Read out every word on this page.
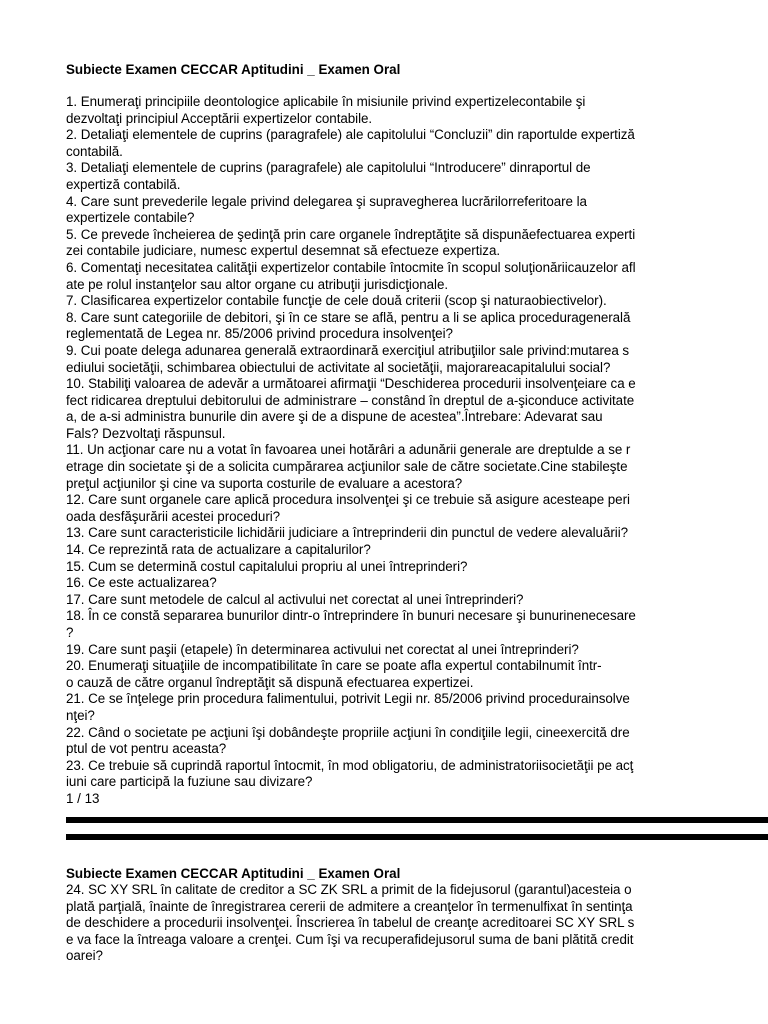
Subiecte Examen CECCAR Aptitudini _ Examen Oral

1. Enumeraţi principiile deontologice aplicabile în misiunile privind expertizelecontabile şi
dezvoltaţi principiul Acceptării expertizelor contabile.

2. Detaliaţi elementele de cuprins (paragrafele) ale capitolului “Concluzii” din raportulde expertiză
contabilă.

3. Detaliaţi elementele de cuprins (paragrafele) ale capitolului “Introducere” dinraportul de
expertiză contabilă.

4. Care sunt prevederile legale privind delegarea şi supravegherea lucrărilorreferitoare la
expertizele contabile?

5. Ce prevede încheierea de şedinţă prin care organele îndreptăţite să dispunăefectuarea experti
zei contabile judiciare, numesc expertul desemnat să efectueze expertiza.

6. Comentaţi necesitatea calităţii expertizelor contabile întocmite în scopul soluţionăriicauzelor afl
ate pe rolul instanţelor sau altor organe cu atribuţii jurisdicţionale.

7. Clasificarea expertizelor contabile funcţie de cele două criterii (scop şi naturaobiectivelor).

8. Care sunt categoriile de debitori, şi în ce stare se află, pentru a li se aplica proceduragenerală
reglementată de Legea nr. 85/2006 privind procedura insolvenţei?

9. Cui poate delega adunarea generală extraordinară exerciţiul atribuţiilor sale privind:mutarea s
ediului societăţii, schimbarea obiectului de activitate al societăţii, majorareacapitalului social?

10. Stabiliţi valoarea de adevăr a următoarei afirmaţii “Deschiderea procedurii insolvenţeiare ca e
fect ridicarea dreptului debitorului de administrare – constând în dreptul de a-şiconduce activitate
a, de a-si administra bunurile din avere şi de a dispune de acestea”.Întrebare: Adevarat sau
Fals? Dezvoltaţi răspunsul.

11. Un acţionar care nu a votat în favoarea unei hotărâri a adunării generale are dreptulde a se r
etrage din societate şi de a solicita cumpărarea acţiunilor sale de către societate.Cine stabileşte
preţul acţiunilor şi cine va suporta costurile de evaluare a acestora?

12. Care sunt organele care aplică procedura insolvenţei şi ce trebuie să asigure acesteape peri
oada desfăşurării acestei proceduri?

13. Care sunt caracteristicile lichidării judiciare a întreprinderii din punctul de vedere alevaluării?

14. Ce reprezintă rata de actualizare a capitalurilor?

15. Cum se determină costul capitalului propriu al unei întreprinderi?

16. Ce este actualizarea?

17. Care sunt metodele de calcul al activului net corectat al unei întreprinderi?

18. În ce constă separarea bunurilor dintr-o întreprindere în bunuri necesare şi bunurinenecesare
?

19. Care sunt paşii (etapele) în determinarea activului net corectat al unei întreprinderi?

20. Enumeraţi situaţiile de incompatibilitate în care se poate afla expertul contabilnumit într-
o cauză de către organul îndreptăţit să dispună efectuarea expertizei.

21. Ce se înţelege prin procedura falimentului, potrivit Legii nr. 85/2006 privind procedurainsolve
nţei?

22. Când o societate pe acţiuni îşi dobândeşte propriile acţiuni în condiţiile legii, cineexercită dre
ptul de vot pentru aceasta?

23. Ce trebuie să cuprindă raportul întocmit, în mod obligatoriu, de administratoriisocietăţii pe acţ
iuni care participă la fuziune sau divizare?

1 / 13

Subiecte Examen CECCAR Aptitudini _ Examen Oral

24. SC XY SRL în calitate de creditor a SC ZK SRL a primit de la fidejusorul (garantul)acesteia o
plată parţială, înainte de înregistrarea cererii de admitere a creanţelor în termenulfixat în sentinţa
de deschidere a procedurii insolvenţei. Înscrierea în tabelul de creanţe acreditoarei SC XY SRL s
e va face la întreaga valoare a crenţei. Cum îşi va recuperafidejusorul suma de bani plătită credit
oarei?
